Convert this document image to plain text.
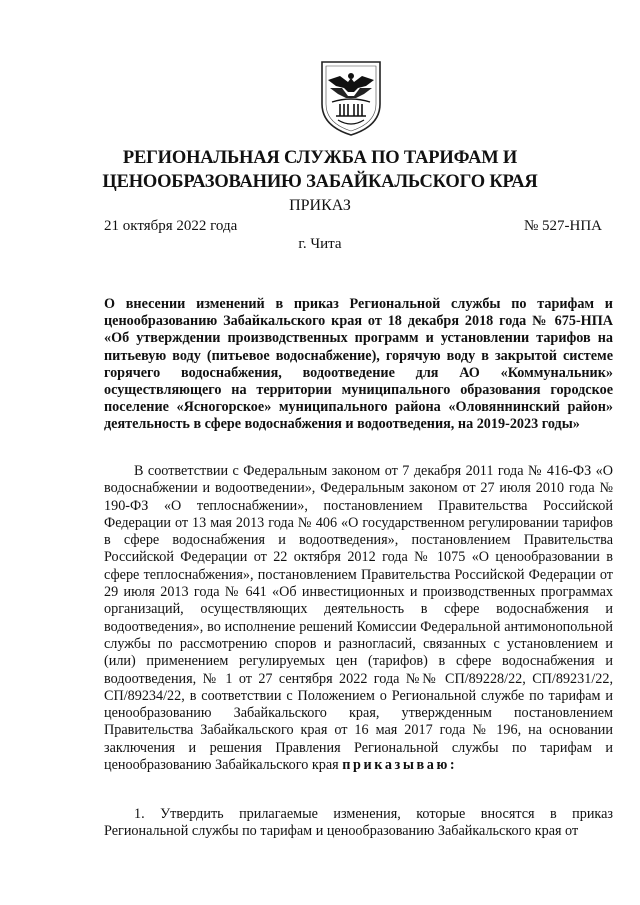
РЕГИОНАЛЬНАЯ СЛУЖБА ПО ТАРИФАМ И
ЦЕНООБРАЗОВАНИЮ ЗАБАЙКАЛЬСКОГО КРАЯ
ПРИКАЗ
21 октября 2022 года	№ 527-НПА
г. Чита
О внесении изменений в приказ Региональной службы по тарифам и ценообразованию Забайкальского края от 18 декабря 2018 года № 675-НПА «Об утверждении производственных программ и установлении тарифов на питьевую воду (питьевое водоснабжение), горячую воду в закрытой системе горячего водоснабжения, водоотведение для АО «Коммунальник» осуществляющего на территории муниципального образования городское поселение «Ясногорское» муниципального района «Оловяннинский район» деятельность в сфере водоснабжения и водоотведения, на 2019-2023 годы»
В соответствии с Федеральным законом от 7 декабря 2011 года № 416-ФЗ «О водоснабжении и водоотведении», Федеральным законом от 27 июля 2010 года № 190-ФЗ «О теплоснабжении», постановлением Правительства Российской Федерации от 13 мая 2013 года № 406 «О государственном регулировании тарифов в сфере водоснабжения и водоотведения», постановлением Правительства Российской Федерации от 22 октября 2012 года № 1075 «О ценообразовании в сфере теплоснабжения», постановлением Правительства Российской Федерации от 29 июля 2013 года № 641 «Об инвестиционных и производственных программах организаций, осуществляющих деятельность в сфере водоснабжения и водоотведения», во исполнение решений Комиссии Федеральной антимонопольной службы по рассмотрению споров и разногласий, связанных с установлением и (или) применением регулируемых цен (тарифов) в сфере водоснабжения и водоотведения, № 1 от 27 сентября 2022 года №№ СП/89228/22, СП/89231/22, СП/89234/22, в соответствии с Положением о Региональной службе по тарифам и ценообразованию Забайкальского края, утвержденным постановлением Правительства Забайкальского края от 16 мая 2017 года № 196, на основании заключения и решения Правления Региональной службы по тарифам и ценообразованию Забайкальского края приказываю:
1. Утвердить прилагаемые изменения, которые вносятся в приказ Региональной службы по тарифам и ценообразованию Забайкальского края от
